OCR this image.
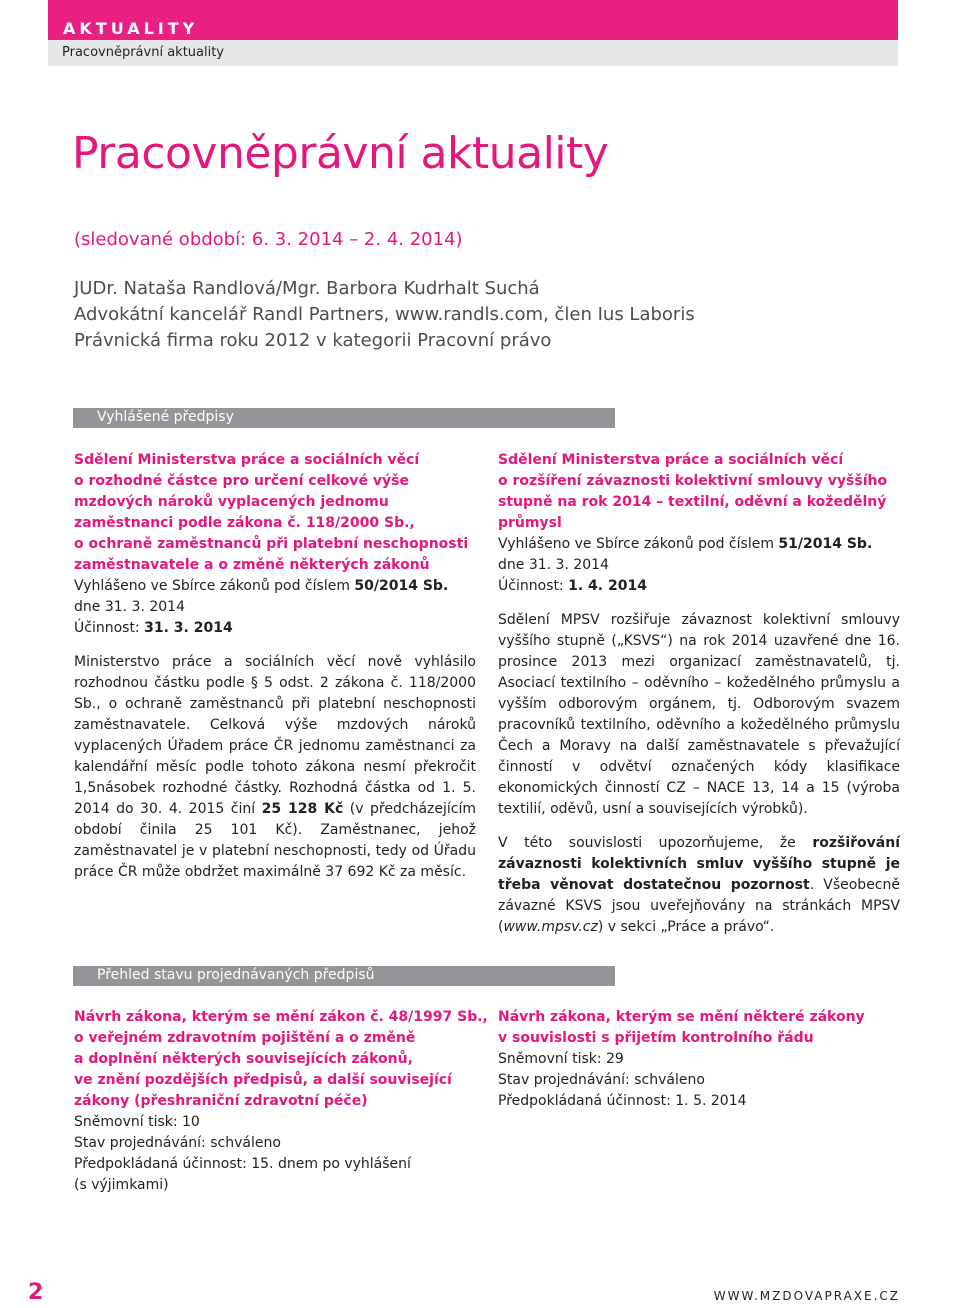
AKTUALITY
Pracovněprávní aktuality
Pracovněprávní aktuality
(sledované období: 6. 3. 2014 – 2. 4. 2014)
JUDr. Nataša Randlová/Mgr. Barbora Kudrhalt Suchá
Advokátní kancelář Randl Partners, www.randls.com, člen Ius Laboris
Právnická firma roku 2012 v kategorii Pracovní právo
Vyhlášené předpisy

Sdělení Ministerstva práce a sociálních věcí

o rozhodné částce pro určení celkové výše

mzdových nároků vyplacených jednomu

zaměstnanci podle zákona č. 118/2000 Sb.,

o ochraně zaměstnanců při platební neschopnosti

zaměstnavatele a o změně některých zákonů

Vyhlášeno ve Sbírce zákonů pod číslem 50/2014 Sb.

dne 31. 3. 2014

Účinnost: 31. 3. 2014

Ministerstvo práce a sociálních věcí nově vyhlásilo rozhodnou částku podle § 5 odst. 2 zákona č. 118/2000 Sb., o ochraně zaměstnanců při platební neschopnosti zaměstnavatele. Celková výše mzdových nároků vyplacených Úřadem práce ČR jednomu zaměstnanci za kalendářní měsíc podle tohoto zákona nesmí překročit 1,5násobek rozhodné částky. Rozhodná částka od 1. 5. 2014 do 30. 4. 2015 činí 25 128 Kč (v předcházejícím období činila 25 101 Kč). Zaměstnanec, jehož zaměstnavatel je v platební neschopnosti, tedy od Úřadu práce ČR může obdržet maximálně 37 692 Kč za měsíc.

Sdělení Ministerstva práce a sociálních věcí

o rozšíření závaznosti kolektivní smlouvy vyššího

stupně na rok 2014 – textilní, oděvní a kožedělný

průmysl

Vyhlášeno ve Sbírce zákonů pod číslem 51/2014 Sb.

dne 31. 3. 2014

Účinnost: 1. 4. 2014

Sdělení MPSV rozšiřuje závaznost kolektivní smlouvy vyššího stupně („KSVS“) na rok 2014 uzavřené dne 16. prosince 2013 mezi organizací zaměstnavatelů, tj. Asociací textilního – oděvního – kožedělného průmyslu a vyšším odborovým orgánem, tj. Odborovým svazem pracovníků textilního, oděvního a kožedělného průmyslu Čech a Moravy na další zaměstnavatele s převažující činností v odvětví označených kódy klasifikace ekonomických činností CZ – NACE 13, 14 a 15 (výroba textilií, oděvů, usní a souvisejících výrobků).

V této souvislosti upozorňujeme, že rozšiřování závaznosti kolektivních smluv vyššího stupně je třeba věnovat dostatečnou pozornost. Všeobecně závazné KSVS jsou uveřejňovány na stránkách MPSV (www.mpsv.cz) v sekci „Práce a právo“.

Přehled stavu projednávaných předpisů

Návrh zákona, kterým se mění zákon č. 48/1997 Sb.,

o veřejném zdravotním pojištění a o změně

a doplnění některých souvisejících zákonů,

ve znění pozdějších předpisů, a další související

zákony (přeshraniční zdravotní péče)

Sněmovní tisk: 10

Stav projednávání: schváleno

Předpokládaná účinnost: 15. dnem po vyhlášení

(s výjimkami)

Návrh zákona, kterým se mění některé zákony

v souvislosti s přijetím kontrolního řádu

Sněmovní tisk: 29

Stav projednávání: schváleno

Předpokládaná účinnost: 1. 5. 2014

2	WWW.MZDOVAPRAXE.CZ
